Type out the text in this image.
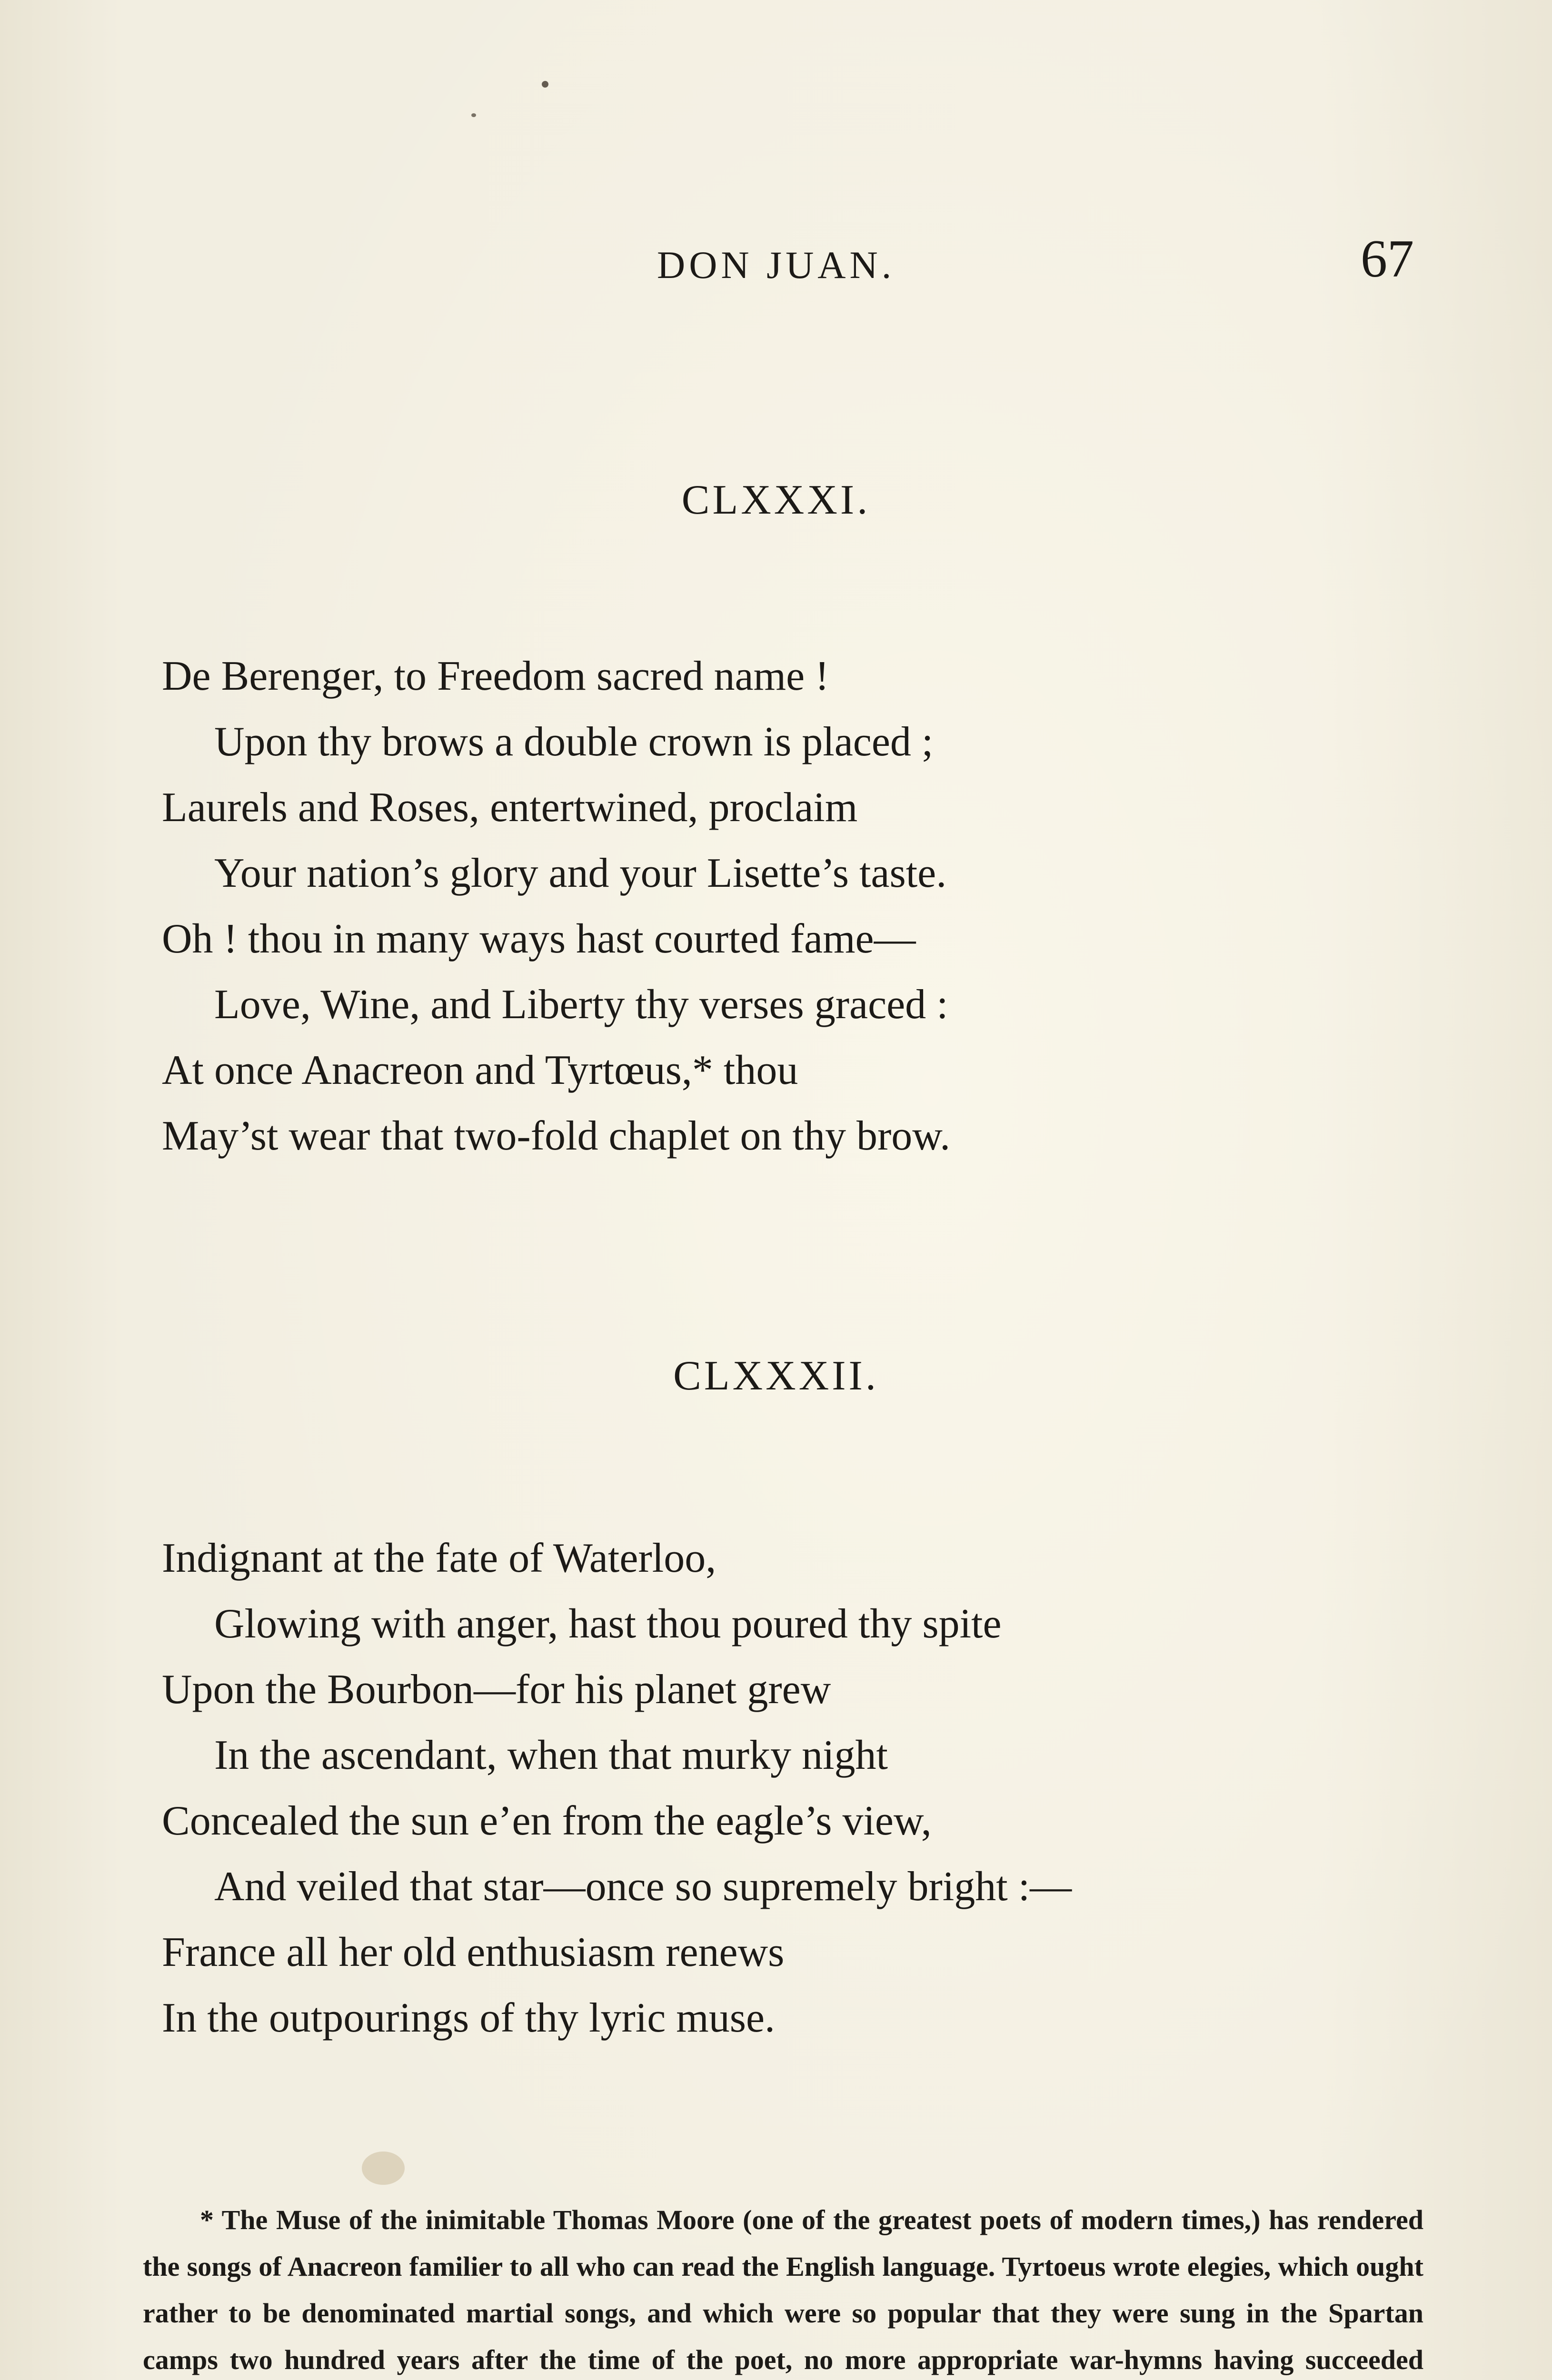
DON JUAN.	67
CLXXXI.
De Berenger, to Freedom sacred name !
Upon thy brows a double crown is placed ;
Laurels and Roses, entertwined, proclaim
Your nation’s glory and your Lisette’s taste.
Oh ! thou in many ways hast courted fame—
Love, Wine, and Liberty thy verses graced :
At once Anacreon and Tyrtœus,* thou
May’st wear that two-fold chaplet on thy brow.
CLXXXII.
Indignant at the fate of Waterloo,
Glowing with anger, hast thou poured thy spite
Upon the Bourbon—for his planet grew
In the ascendant, when that murky night
Concealed the sun e’en from the eagle’s view,
And veiled that star—once so supremely bright :—
France all her old enthusiasm renews
In the outpourings of thy lyric muse.
* The Muse of the inimitable Thomas Moore (one of the greatest poets of modern times,) has rendered the songs of Anacreon familier to all who can read the English language. Tyrtoeus wrote elegies, which ought rather to be denominated martial songs, and which were so popular that they were sung in the Spartan camps two hundred years after the time of the poet, no more appropriate war-hymns having succeeded
